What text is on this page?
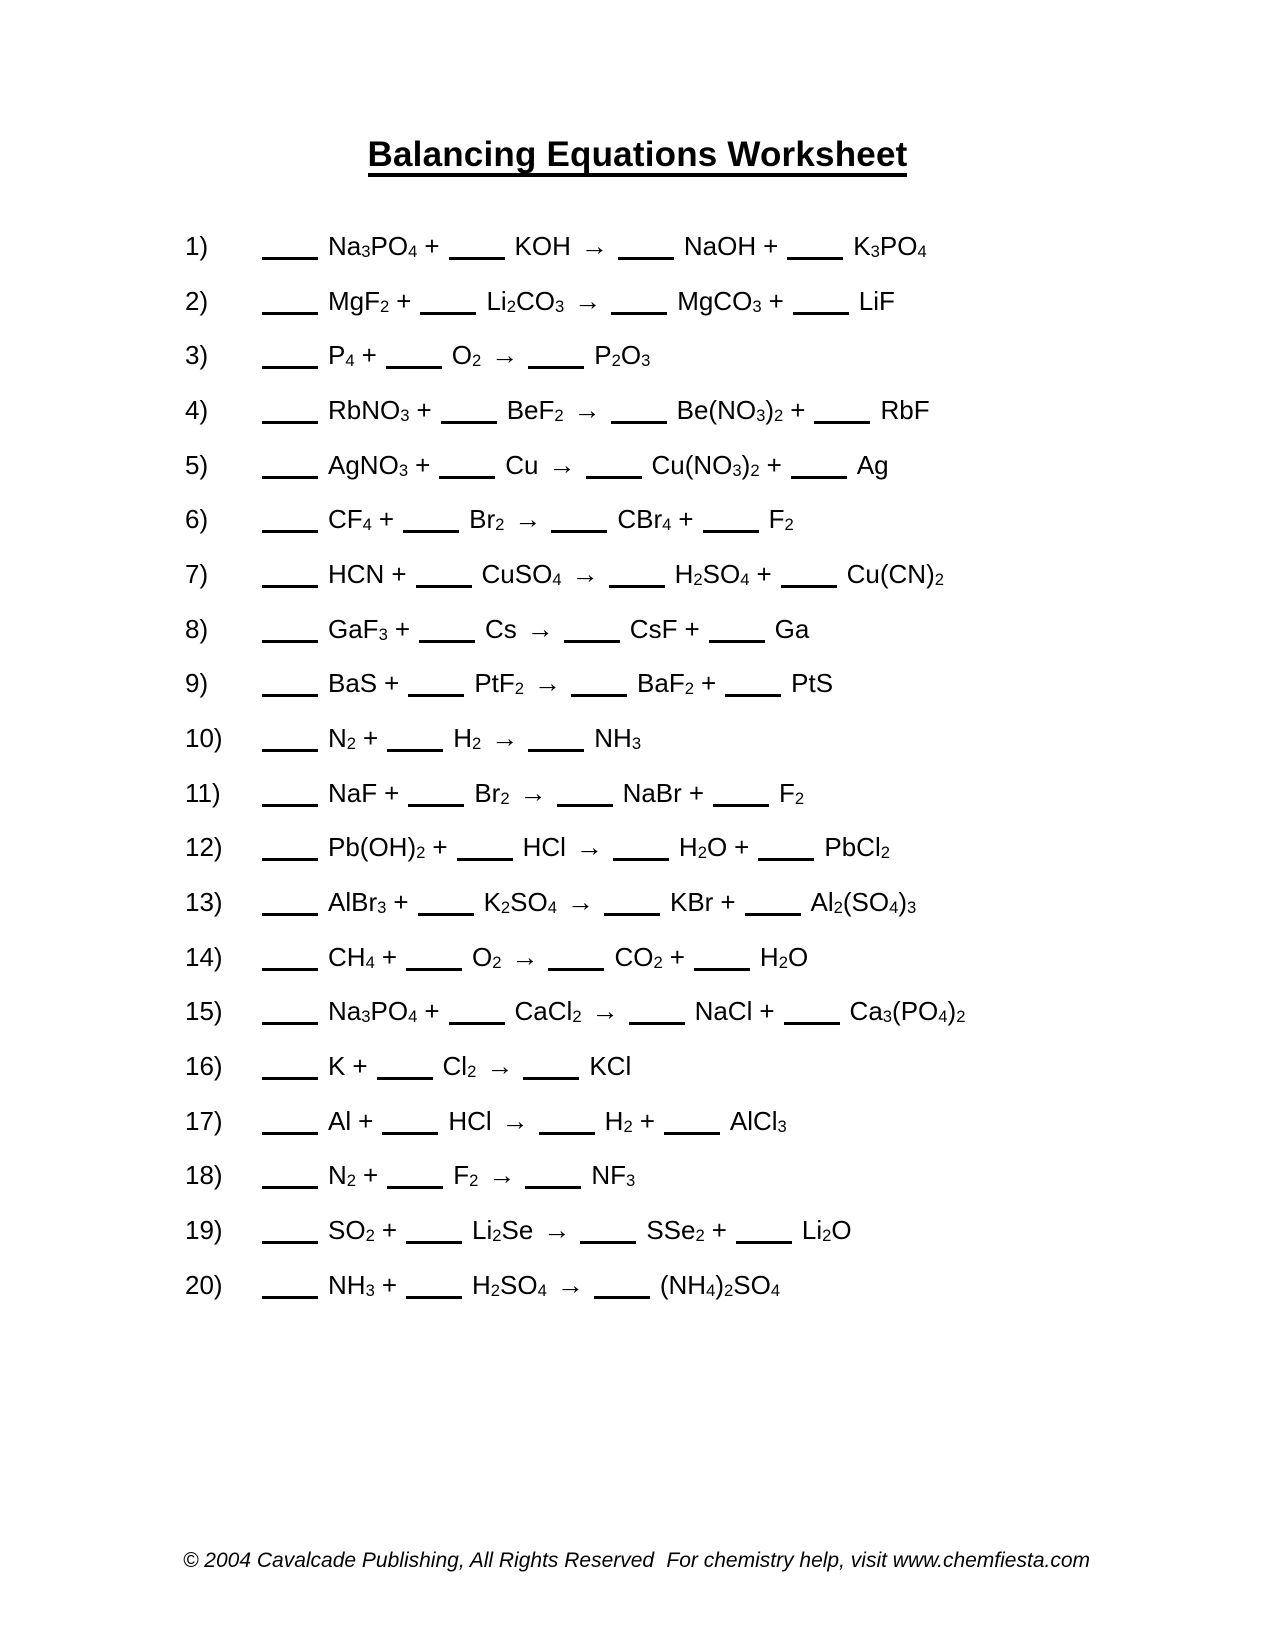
Balancing Equations Worksheet
1)	$Na_3PO_4$ +	KOH →	NaOH +	$K_3PO_4$
2)	MgF$_2$ +	$Li_2CO_3$ →	MgCO$_3$ +	LiF
3)	$P_4$ +	$O_2$ →	$P_2O_3$
4)	RbNO$_3$ +	BeF$_2$ →	$Be(NO_3)_2$ +	RbF
5)	AgNO$_3$ +	Cu →	$Cu(NO_3)_2$ +	Ag
6)	$CF_4$ +	$Br_2$ →	CBr$_4$ +	$F_2$
7)	HCN +	CuSO$_4$ →	$H_2SO_4$ +	$Cu(CN)_2$
8)	GaF$_3$ +	Cs →	CsF +	Ga
9)	BaS +	PtF$_2$ →	BaF$_2$ +	PtS
10)	$N_2$ +	$H_2$ →	$NH_3$
11)	NaF +	$Br_2$ →	NaBr +	$F_2$
12)	$Pb(OH)_2$ +	HCl →	$H_2O$ +	PbCl$_2$
13)	AlBr$_3$ +	$K_2SO_4$ →	KBr +	$Al_2(SO_4)_3$
14)	$CH_4$ +	$O_2$ →	$CO_2$ +	$H_2O$
15)	$Na_3PO_4$ +	CaCl$_2$ →	NaCl +	$Ca_3(PO_4)_2$
16)	K +	$Cl_2$ →	KCl
17)	Al +	HCl →	$H_2$ +	AlCl$_3$
18)	$N_2$ +	$F_2$ →	$NF_3$
19)	$SO_2$ +	$Li_2Se$ →	SSe$_2$ +	$Li_2O$
20)	$NH_3$ +	$H_2SO_4$ →	$(NH_4)_2SO_4$
© 2004 Cavalcade Publishing, All Rights Reserved For chemistry help, visit www.chemfiesta.com
